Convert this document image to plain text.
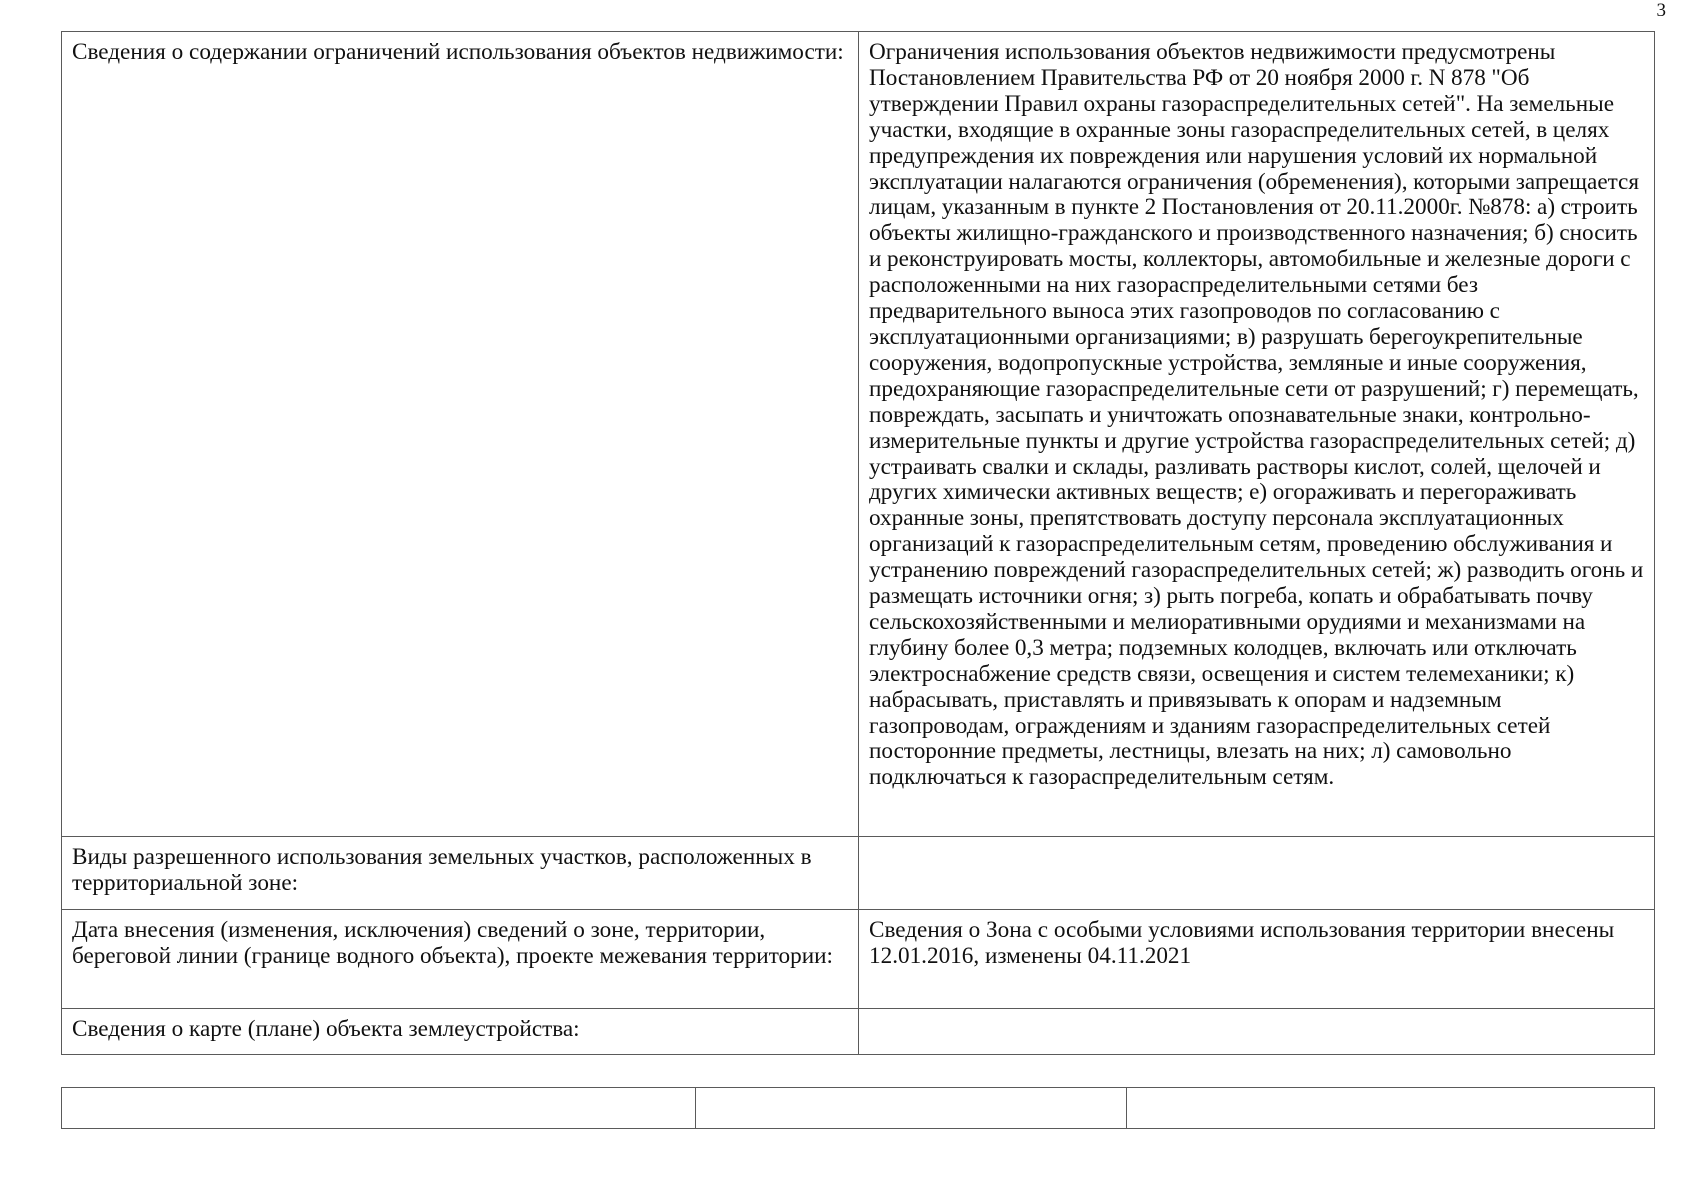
3
Сведения о содержании ограничений использования объектов недвижимости:	Ограничения использования объектов недвижимости предусмотрены Постановлением Правительства РФ от 20 ноября 2000 г. N 878 "Об утверждении Правил охраны газораспределительных сетей". На земельные участки, входящие в охранные зоны газораспределительных сетей, в целях предупреждения их повреждения или нарушения условий их нормальной эксплуатации налагаются ограничения (обременения), которыми запрещается лицам, указанным в пункте 2 Постановления от 20.11.2000г. №878: а) строить объекты жилищно-гражданского и производственного назначения; б) сносить и реконструировать мосты, коллекторы, автомобильные и железные дороги с расположенными на них газораспределительными сетями без предварительного выноса этих газопроводов по согласованию с эксплуатационными организациями; в) разрушать берегоукрепительные сооружения, водопропускные устройства, земляные и иные сооружения, предохраняющие газораспределительные сети от разрушений; г) перемещать, повреждать, засыпать и уничтожать опознавательные знаки, контрольно-измерительные пункты и другие устройства газораспределительных сетей; д) устраивать свалки и склады, разливать растворы кислот, солей, щелочей и других химически активных веществ; е) огораживать и перегораживать охранные зоны, препятствовать доступу персонала эксплуатационных организаций к газораспределительным сетям, проведению обслуживания и устранению повреждений газораспределительных сетей; ж) разводить огонь и размещать источники огня; з) рыть погреба, копать и обрабатывать почву сельскохозяйственными и мелиоративными орудиями и механизмами на глубину более 0,3 метра; подземных колодцев, включать или отключать электроснабжение средств связи, освещения и систем телемеханики; к) набрасывать, приставлять и привязывать к опорам и надземным газопроводам, ограждениям и зданиям газораспределительных сетей посторонние предметы, лестницы, влезать на них; л) самовольно подключаться к газораспределительным сетям.
Виды разрешенного использования земельных участков, расположенных в территориальной зоне:	
Дата внесения (изменения, исключения) сведений о зоне, территории, береговой линии (границе водного объекта), проекте межевания территории:	Сведения о Зона с особыми условиями использования территории внесены 12.01.2016, изменены 04.11.2021
Сведения о карте (плане) объекта землеустройства:	
